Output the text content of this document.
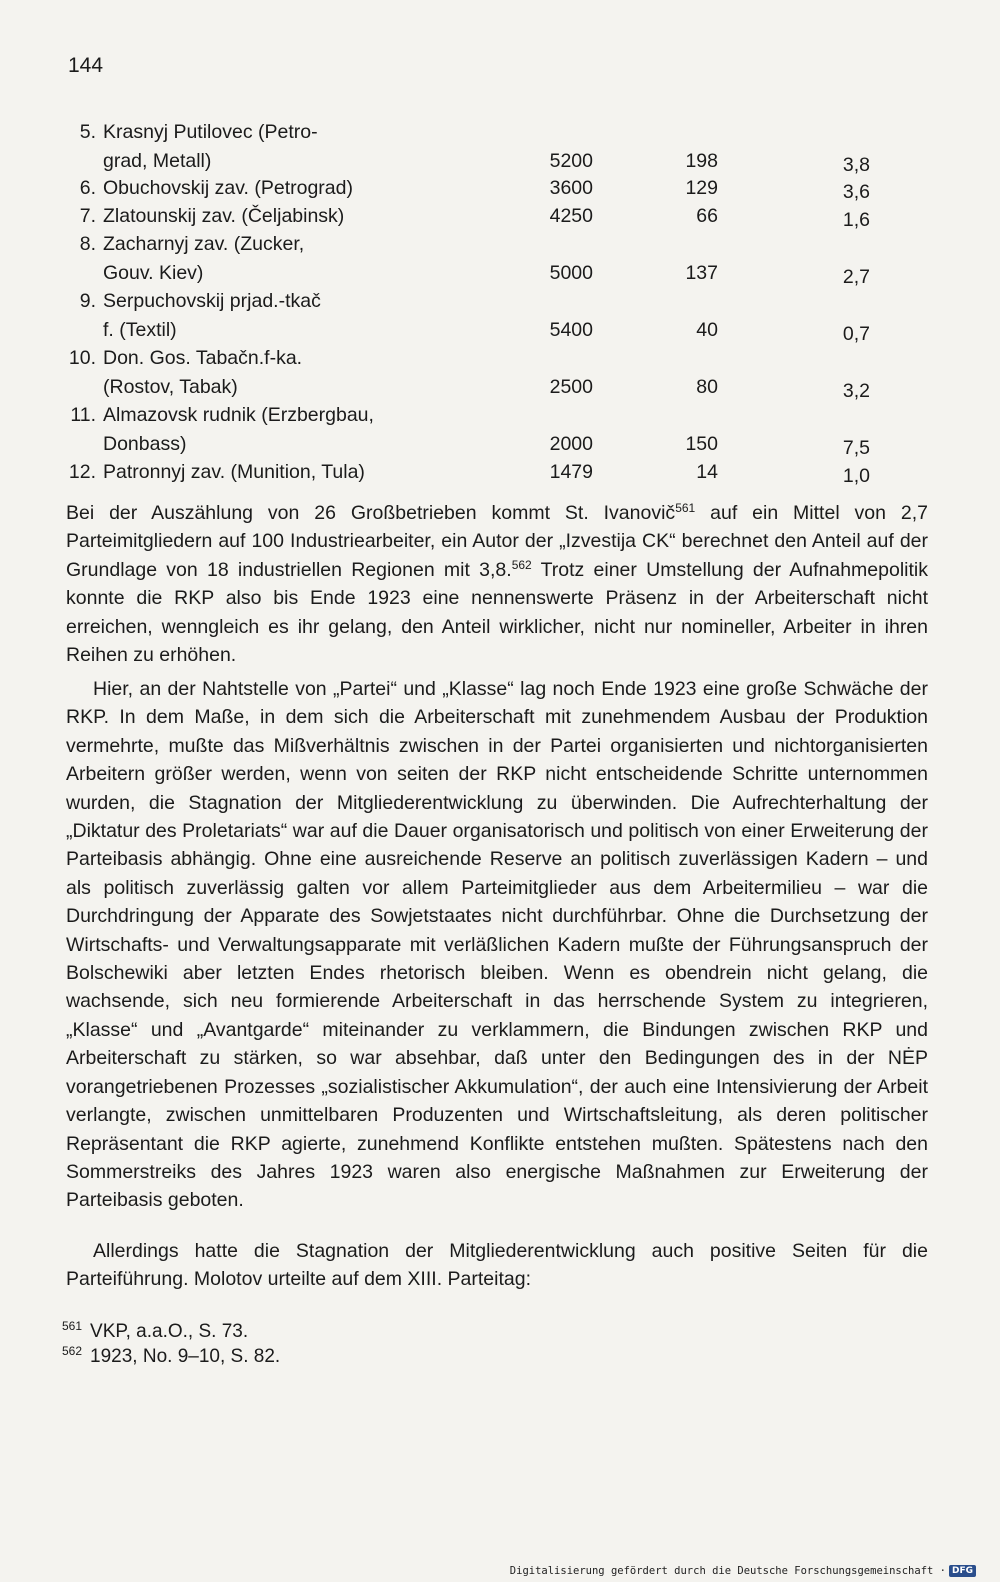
144
5. Krasnyj Putilovec (Petro-
grad, Metall)	5200	198	3,8
6. Obuchovskij zav. (Petrograd)	3600	129	3,6
7. Zlatounskij zav. (Čeljabinsk)	4250	66	1,6
8. Zacharnyj zav. (Zucker,
Gouv. Kiev)	5000	137	2,7
9. Serpuchovskij prjad.-tkač
f. (Textil)	5400	40	0,7
10. Don. Gos. Tabačn.f-ka.
(Rostov, Tabak)	2500	80	3,2
11. Almazovsk rudnik (Erzbergbau,
Donbass)	2000	150	7,5
12. Patronnyj zav. (Munition, Tula)	1479	14	1,0

Bei der Auszählung von 26 Großbetrieben kommt St. Ivanovič$^{561}$ auf ein Mittel von 2,7 Parteimitgliedern auf 100 Industriearbeiter, ein Autor der „Izvestija CK“ berechnet den Anteil auf der Grundlage von 18 industriellen Regionen mit 3,8.$^{562}$ Trotz einer Umstellung der Aufnahmepolitik konnte die RKP also bis Ende 1923 eine nennenswerte Präsenz in der Arbeiterschaft nicht erreichen, wenngleich es ihr gelang, den Anteil wirklicher, nicht nur nomineller, Arbeiter in ihren Reihen zu erhöhen.

Hier, an der Nahtstelle von „Partei“ und „Klasse“ lag noch Ende 1923 eine große Schwäche der RKP. In dem Maße, in dem sich die Arbeiterschaft mit zunehmendem Ausbau der Produktion vermehrte, mußte das Mißverhältnis zwischen in der Partei organisierten und nichtorganisierten Arbeitern größer werden, wenn von seiten der RKP nicht entscheidende Schritte unternommen wurden, die Stagnation der Mitgliederentwicklung zu überwinden. Die Aufrechterhaltung der „Diktatur des Proletariats“ war auf die Dauer organisatorisch und politisch von einer Erweiterung der Parteibasis abhängig. Ohne eine ausreichende Reserve an politisch zuverlässigen Kadern – und als politisch zuverlässig galten vor allem Parteimitglieder aus dem Arbeitermilieu – war die Durchdringung der Apparate des Sowjetstaates nicht durchführbar. Ohne die Durchsetzung der Wirtschafts- und Verwaltungsapparate mit verläßlichen Kadern mußte der Führungsanspruch der Bolschewiki aber letzten Endes rhetorisch bleiben. Wenn es obendrein nicht gelang, die wachsende, sich neu formierende Arbeiterschaft in das herrschende System zu integrieren, „Klasse“ und „Avantgarde“ miteinander zu verklammern, die Bindungen zwischen RKP und Arbeiterschaft zu stärken, so war absehbar, daß unter den Bedingungen des in der NĖP vorangetriebenen Prozesses „sozialistischer Akkumulation“, der auch eine Intensivierung der Arbeit verlangte, zwischen unmittelbaren Produzenten und Wirtschaftsleitung, als deren politischer Repräsentant die RKP agierte, zunehmend Konflikte entstehen mußten. Spätestens nach den Sommerstreiks des Jahres 1923 waren also energische Maßnahmen zur Erweiterung der Parteibasis geboten.

Allerdings hatte die Stagnation der Mitgliederentwicklung auch positive Seiten für die Parteiführung. Molotov urteilte auf dem XIII. Parteitag:

$^{561}$ VKP, a.a.O., S. 73.
$^{562}$ 1923, No. 9–10, S. 82.
Digitalisierung gefördert durch die Deutsche Forschungsgemeinschaft · DFG
